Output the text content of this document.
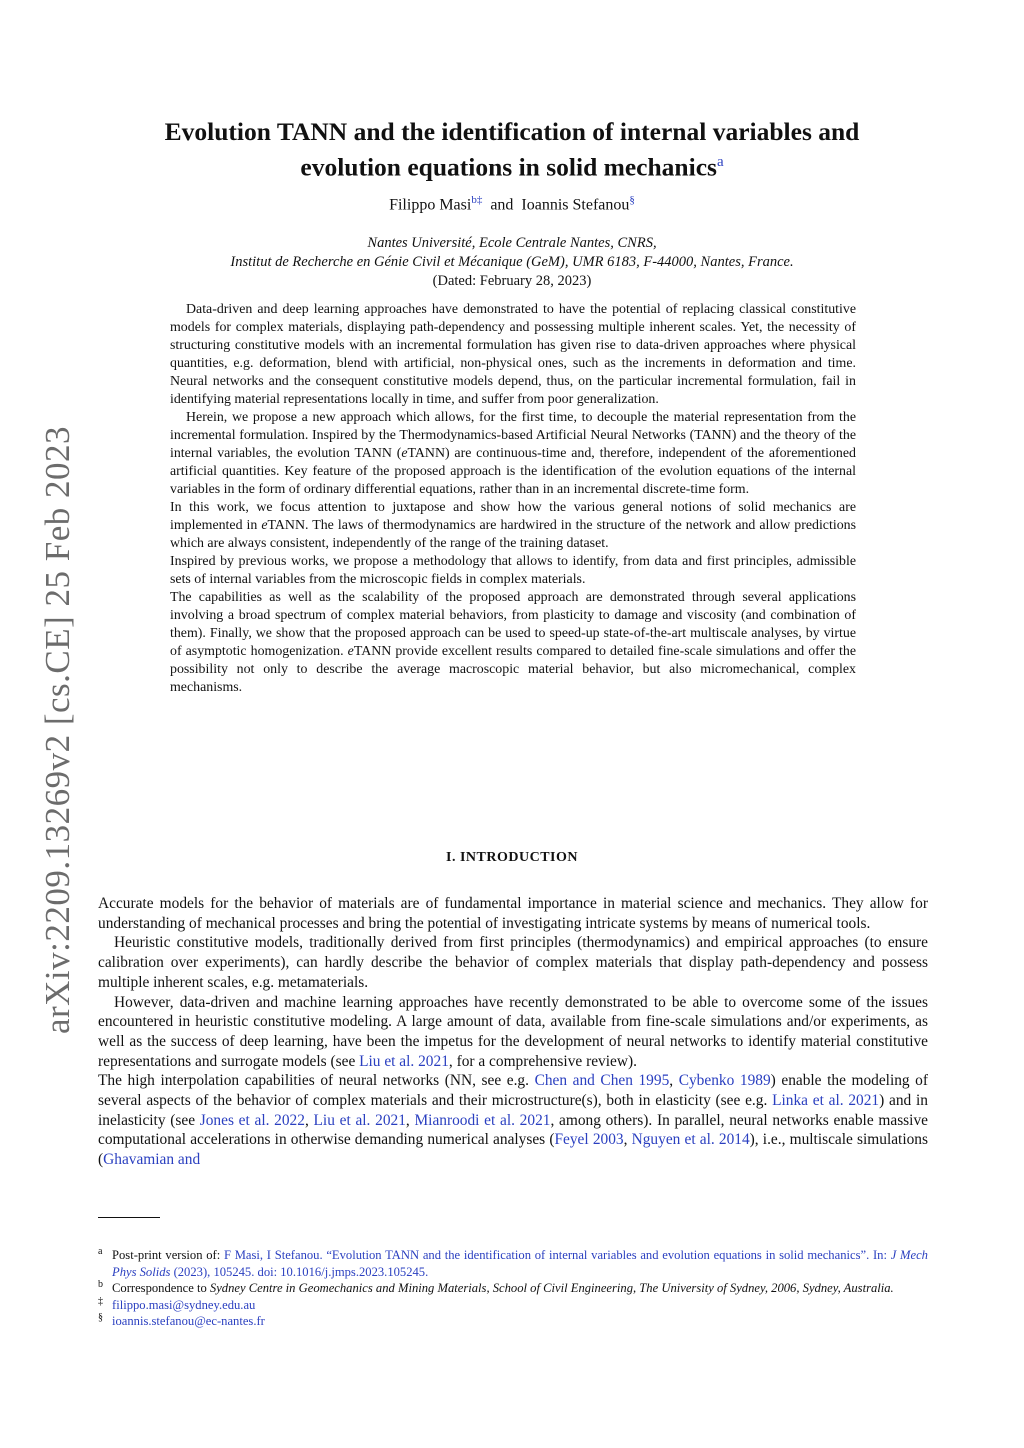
arXiv:2209.13269v2 [cs.CE] 25 Feb 2023
Evolution TANN and the identification of internal variables and
evolution equations in solid mechanics$^a$
Filippo Masi$^{b\ddagger}$ and Ioannis Stefanou§
Nantes Université, Ecole Centrale Nantes, CNRS,
Institut de Recherche en Génie Civil et Mécanique (GeM), UMR 6183, F-44000, Nantes, France.
(Dated: February 28, 2023)

Data-driven and deep learning approaches have demonstrated to have the potential of replacing classical constitutive models for complex materials, displaying path-dependency and possessing multiple inherent scales. Yet, the necessity of structuring constitutive models with an incremental formulation has given rise to data-driven approaches where physical quantities, e.g. deformation, blend with artificial, non-physical ones, such as the increments in deformation and time. Neural networks and the consequent constitutive models depend, thus, on the particular incremental formulation, fail in identifying material representations locally in time, and suffer from poor generalization.

Herein, we propose a new approach which allows, for the first time, to decouple the material representation from the incremental formulation. Inspired by the Thermodynamics-based Artificial Neural Networks (TANN) and the theory of the internal variables, the evolution TANN (eTANN) are continuous-time and, therefore, independent of the aforementioned artificial quantities. Key feature of the proposed approach is the identification of the evolution equations of the internal variables in the form of ordinary differential equations, rather than in an incremental discrete-time form.

In this work, we focus attention to juxtapose and show how the various general notions of solid mechanics are implemented in eTANN. The laws of thermodynamics are hardwired in the structure of the network and allow predictions which are always consistent, independently of the range of the training dataset.

Inspired by previous works, we propose a methodology that allows to identify, from data and first principles, admissible sets of internal variables from the microscopic fields in complex materials.

The capabilities as well as the scalability of the proposed approach are demonstrated through several applications involving a broad spectrum of complex material behaviors, from plasticity to damage and viscosity (and combination of them). Finally, we show that the proposed approach can be used to speed-up state-of-the-art multiscale analyses, by virtue of asymptotic homogenization. eTANN provide excellent results compared to detailed fine-scale simulations and offer the possibility not only to describe the average macroscopic material behavior, but also micromechanical, complex mechanisms.

I. INTRODUCTION

Accurate models for the behavior of materials are of fundamental importance in material science and mechanics. They allow for understanding of mechanical processes and bring the potential of investigating intricate systems by means of numerical tools.

Heuristic constitutive models, traditionally derived from first principles (thermodynamics) and empirical approaches (to ensure calibration over experiments), can hardly describe the behavior of complex materials that display path-dependency and possess multiple inherent scales, e.g. metamaterials.

However, data-driven and machine learning approaches have recently demonstrated to be able to overcome some of the issues encountered in heuristic constitutive modeling. A large amount of data, available from fine-scale simulations and/or experiments, as well as the success of deep learning, have been the impetus for the development of neural networks to identify material constitutive representations and surrogate models (see Liu et al. 2021, for a comprehensive review).

The high interpolation capabilities of neural networks (NN, see e.g. Chen and Chen 1995, Cybenko 1989) enable the modeling of several aspects of the behavior of complex materials and their microstructure(s), both in elasticity (see e.g. Linka et al. 2021) and in inelasticity (see Jones et al. 2022, Liu et al. 2021, Mianroodi et al. 2021, among others). In parallel, neural networks enable massive computational accelerations in otherwise demanding numerical analyses (Feyel 2003, Nguyen et al. 2014), i.e., multiscale simulations (Ghavamian and

a Post-print version of: F Masi, I Stefanou. “Evolution TANN and the identification of internal variables and evolution equations in solid mechanics”. In: J Mech Phys Solids (2023), 105245. doi: 10.1016/j.jmps.2023.105245.

b Correspondence to Sydney Centre in Geomechanics and Mining Materials, School of Civil Engineering, The University of Sydney, 2006, Sydney, Australia.

‡ filippo.masi@sydney.edu.au

§ ioannis.stefanou@ec-nantes.fr
